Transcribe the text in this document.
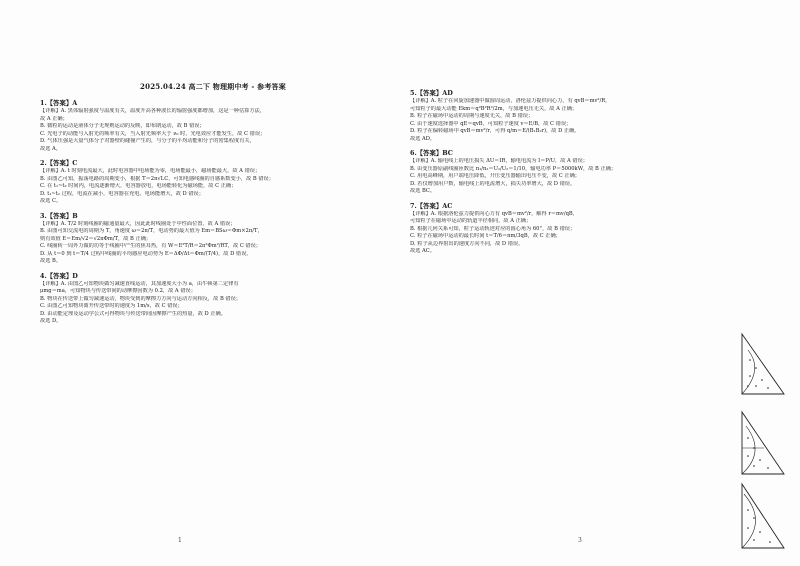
2025.04.24 高二下 物理期中考 - 参考答案
1.【答案】A
【详解】A. 黑体辐射强度与温度有关，温度升高各种波长的辐射强度都增加，这是一种估算方法，
故 A 正确；
B. 微粒的运动是液体分子无规则运动的反映，即布朗运动，故 B 错误；
C. 光电子的动能与入射光的频率有关，当入射光频率大于 ν₀ 时，光电效应才能发生，故 C 错误；
D. 气体压强是大量气体分子对器壁的碰撞产生的，与分子的平均动能和分子的密集程度有关，
故选 A。
2.【答案】C
【详解】A. t 时刻电流最大，此时电容器中电场能为零，电场能最小，磁场能最大，故 A 错误；
B. 由图乙可知，振荡电路的周期变小，根据 T＝2π√LC，可知电感线圈的自感系数变小，故 B 错误；
C. 在 t₁~t₂ 时间内，电流逐渐增大，电容器放电，电场能转化为磁场能，故 C 正确；
D. t₁~t₂ 过程，电流在减小，电容器在充电，电场能增大，故 D 错误；
故选 C。
3.【答案】B
【详解】A. T/2 时刻线圈的磁通量最大，因此此时线圈处于中性面位置，故 A 错误；
B. 由图可知交流电的周期为 T，角速度 ω＝2π/T，电动势的最大值为 Em＝BSω＝Φm×2π/T，
则有效值 E＝Em/√2＝√2πΦm/T，故 B 正确；
C. 线圈转一周外力做的功等于线圈中产生的焦耳热，有 W＝E²T/R＝2π²Φm²/RT，故 C 错误；
D. 从 t＝0 到 t＝T/4 过程中线圈的平均感应电动势为 E＝ΔΦ/Δt＝Φm/(T/4)，故 D 错误。
故选 B。
4.【答案】D
【详解】A. 由图乙可知物块做匀减速直线运动，其加速度大小为 a，由牛顿第二定律有
μmg＝ma，可知物块与传送带间的动摩擦因数为 0.2，故 A 错误；
B. 物块在传送带上做匀减速运动，物块受到的摩擦力方向与运动方向相反，故 B 错误；
C. 由图乙可知物块离开传送带时的速度为 1m/s，故 C 错误；
D. 由动能定理及运动学公式可得物块与传送带间因摩擦产生的热量，故 D 正确。
故选 D。
1
5.【答案】AD
【详解】A. 粒子在回旋加速器中做圆周运动，洛伦兹力提供向心力，有 qvB＝mv²/R，
可知粒子的最大动能 Ekm＝q²B²R²/2m，与加速电压无关，故 A 正确；
B. 粒子在磁场中运动的周期与速度无关，故 B 错误；
C. 由于速度选择器中 qE＝qvB，可知粒子速度 v＝E/B，故 C 错误；
D. 粒子在偏转磁场中 qvB＝mv²/r，可得 q/m＝E/(B₁B₂r)，故 D 正确。
故选 AD。
6.【答案】BC
【详解】A. 输电线上的电压损失 ΔU＝IR，输电电流为 I＝P/U，故 A 错误；
B. 由变压器原副线圈匝数比 n₁/n₂＝U₁/U₂＝1/10，输电功率 P＝5000kW，故 B 正确；
C. 用电高峰期，用户端电压降低，升压变压器输出电压不变，故 C 正确；
D. 若仅增加用户数，输电线上的电流增大，损失功率增大，故 D 错误。
故选 BC。
7.【答案】AC
【详解】A. 根据洛伦兹力提供向心力有 qvB＝mv²/r，解得 r＝mv/qB，
可知粒子在磁场中运动的轨道半径相同，故 A 正确；
B. 根据几何关系可知，粒子运动轨迹对应的圆心角为 60°，故 B 错误；
C. 粒子在磁场中运动的最长时间 t＝T/6＝πm/3qB，故 C 正确；
D. 粒子从边界射出的速度方向不同，故 D 错误。
故选 AC。
3
